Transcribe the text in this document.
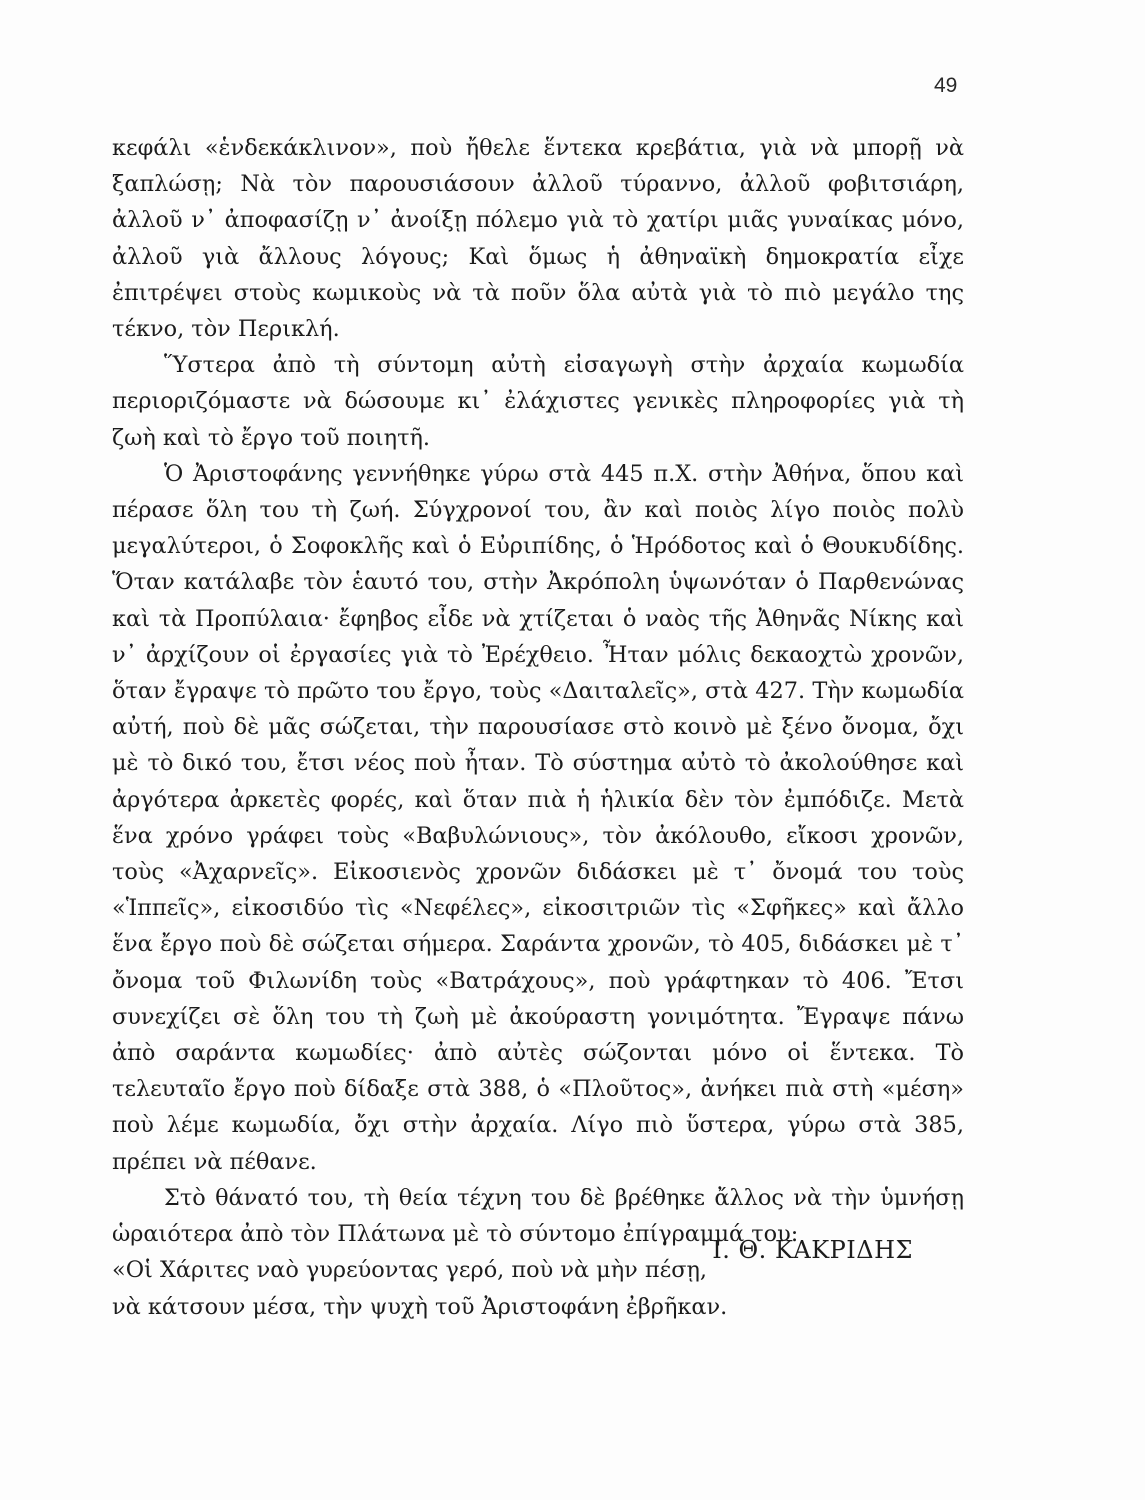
49

κεφάλι «ἑνδεκάκλινον», ποὺ ἤθελε ἕντεκα κρεβάτια, γιὰ νὰ μπορῇ νὰ ξαπλώσῃ; Νὰ τὸν παρουσιάσουν ἀλλοῦ τύραννο, ἀλλοῦ φοβιτσιάρη, ἀλλοῦ ν᾽ ἀποφασίζῃ ν᾽ ἀνοίξῃ πόλεμο γιὰ τὸ χατίρι μιᾶς γυναίκας μόνο, ἀλλοῦ γιὰ ἄλλους λόγους; Καὶ ὅμως ἡ ἀθηναϊκὴ δημοκρατία εἶχε ἐπιτρέψει στοὺς κωμικοὺς νὰ τὰ ποῦν ὅλα αὐτὰ γιὰ τὸ πιὸ μεγάλο της τέκνο, τὸν Περικλή.

Ὕστερα ἀπὸ τὴ σύντομη αὐτὴ εἰσαγωγὴ στὴν ἀρχαία κωμωδία περιοριζόμαστε νὰ δώσουμε κι᾽ ἐλάχιστες γενικὲς πληροφορίες γιὰ τὴ ζωὴ καὶ τὸ ἔργο τοῦ ποιητῆ.

Ὁ Ἀριστοφάνης γεννήθηκε γύρω στὰ 445 π.Χ. στὴν Ἀθήνα, ὅπου καὶ πέρασε ὅλη του τὴ ζωή. Σύγχρονοί του, ἂν καὶ ποιὸς λίγο ποιὸς πολὺ μεγαλύτεροι, ὁ Σοφοκλῆς καὶ ὁ Εὐριπίδης, ὁ Ἡρόδοτος καὶ ὁ Θουκυδίδης. Ὅταν κατάλαβε τὸν ἑαυτό του, στὴν Ἀκρόπολη ὑψωνόταν ὁ Παρθενώνας καὶ τὰ Προπύλαια· ἔφηβος εἶδε νὰ χτίζεται ὁ ναὸς τῆς Ἀθηνᾶς Νίκης καὶ ν᾽ ἀρχίζουν οἱ ἐργασίες γιὰ τὸ Ἐρέχθειο. Ἦταν μόλις δεκαοχτὼ χρονῶν, ὅταν ἔγραψε τὸ πρῶτο του ἔργο, τοὺς «Δαιταλεῖς», στὰ 427. Τὴν κωμωδία αὐτή, ποὺ δὲ μᾶς σώζεται, τὴν παρουσίασε στὸ κοινὸ μὲ ξένο ὄνομα, ὄχι μὲ τὸ δικό του, ἔτσι νέος ποὺ ἦταν. Τὸ σύστημα αὐτὸ τὸ ἀκολούθησε καὶ ἀργότερα ἀρκετὲς φορές, καὶ ὅταν πιὰ ἡ ἡλικία δὲν τὸν ἐμπόδιζε. Μετὰ ἕνα χρόνο γράφει τοὺς «Βαβυλώνιους», τὸν ἀκόλουθο, εἴκοσι χρονῶν, τοὺς «Ἀχαρνεῖς». Εἰκοσιενὸς χρονῶν διδάσκει μὲ τ᾽ ὄνομά του τοὺς «Ἱππεῖς», εἰκοσιδύο τὶς «Νεφέλες», εἰκοσιτριῶν τὶς «Σφῆκες» καὶ ἄλλο ἕνα ἔργο ποὺ δὲ σώζεται σήμερα. Σαράντα χρονῶν, τὸ 405, διδάσκει μὲ τ᾽ ὄνομα τοῦ Φιλωνίδη τοὺς «Βατράχους», ποὺ γράφτηκαν τὸ 406. Ἔτσι συνεχίζει σὲ ὅλη του τὴ ζωὴ μὲ ἀκούραστη γονιμότητα. Ἔγραψε πάνω ἀπὸ σαράντα κωμωδίες· ἀπὸ αὐτὲς σώζονται μόνο οἱ ἕντεκα. Τὸ τελευταῖο ἔργο ποὺ δίδαξε στὰ 388, ὁ «Πλοῦτος», ἀνήκει πιὰ στὴ «μέση» ποὺ λέμε κωμωδία, ὄχι στὴν ἀρχαία. Λίγο πιὸ ὕστερα, γύρω στὰ 385, πρέπει νὰ πέθανε.

Στὸ θάνατό του, τὴ θεία τέχνη του δὲ βρέθηκε ἄλλος νὰ τὴν ὑμνήσῃ ὡραιότερα ἀπὸ τὸν Πλάτωνα μὲ τὸ σύντομο ἐπίγραμμά του:

«Οἱ Χάριτες ναὸ γυρεύοντας γερό, ποὺ νὰ μὴν πέσῃ,
νὰ κάτσουν μέσα, τὴν ψυχὴ τοῦ Ἀριστοφάνη ἐβρῆκαν.
Ι. Θ. ΚΑΚΡΙΔΗΣ
